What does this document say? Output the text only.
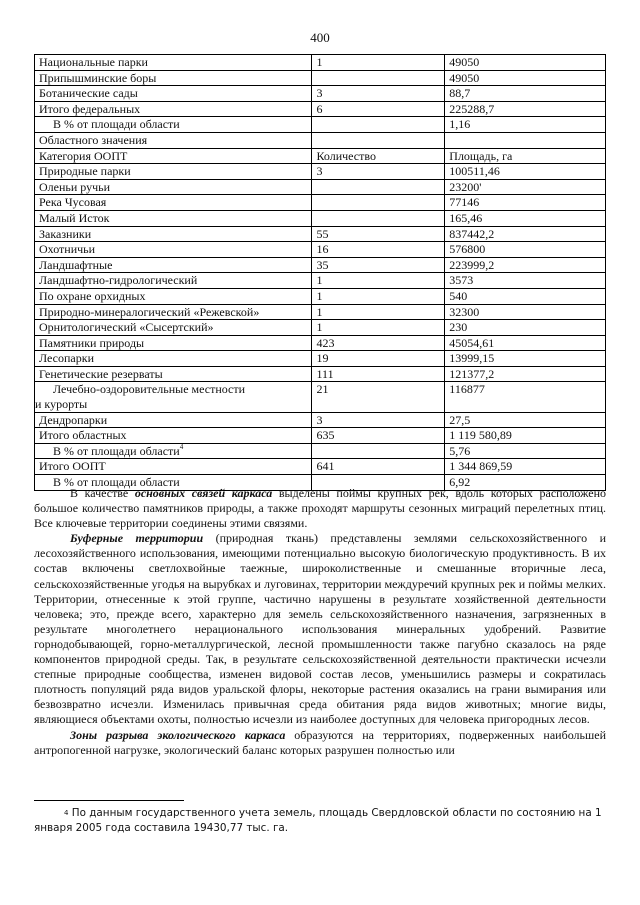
400
Национальные парки	1	49050
Припышминские боры		49050
Ботанические сады	3	88,7
Итого федеральных	6	225288,7
В % от площади области		1,16
Областного значения		
Категория ООПТ	Количество	Площадь, га
Природные парки	3	100511,46
Оленьи ручьи		23200'
Река Чусовая		77146
Малый Исток		165,46
Заказники	55	837442,2
Охотничьи	16	576800
Ландшафтные	35	223999,2
Ландшафтно-гидрологический	1	3573
По охране орхидных	1	540
Природно-минералогический «Режевской»	1	32300
Орнитологический «Сысертский»	1	230
Памятники природы	423	45054,61
Лесопарки	19	13999,15
Генетические резерваты	111	121377,2

Лечебно-оздоровительные местности
и курорты	21	116877
Дендропарки	3	27,5
Итого областных	635	1 119 580,89
В % от площади области$^4$		5,76
Итого ООПТ	641	1 344 869,59
В % от площади области		6,92

В качестве основных связей каркаса выделены поймы крупных рек, вдоль которых расположено большое количество памятников природы, а также проходят маршруты сезонных миграций перелетных птиц. Все ключевые территории соединены этими связями.

Буферные территории (природная ткань) представлены землями сельскохозяйственного и лесохозяйственного использования, имеющими потенциально высокую биологическую продуктивность. В их состав включены светлохвойные таежные, широколиственные и смешанные вторичные леса, сельскохозяйственные угодья на вырубках и луговинах, территории междуречий крупных рек и поймы мелких. Территории, отнесенные к этой группе, частично нарушены в результате хозяйственной деятельности человека; это, прежде всего, характерно для земель сельскохозяйственного назначения, загрязненных в результате многолетнего нерационального использования минеральных удобрений. Развитие горнодобывающей, горно-металлургической, лесной промышленности также пагубно сказалось на ряде компонентов природной среды. Так, в результате сельскохозяйственной деятельности практически исчезли степные природные сообщества, изменен видовой состав лесов, уменьшились размеры и сократилась плотность популяций ряда видов уральской флоры, некоторые растения оказались на грани вымирания или безвозвратно исчезли. Изменилась привычная среда обитания ряда видов животных; многие виды, являющиеся объектами охоты, полностью исчезли из наиболее доступных для человека пригородных лесов.

Зоны разрыва экологического каркаса образуются на территориях, подверженных наибольшей антропогенной нагрузке, экологический баланс которых разрушен полностью или

$^4$ По данным государственного учета земель, площадь Свердловской области по состоянию на 1 января 2005 года составила 19430,77 тыс. га.
